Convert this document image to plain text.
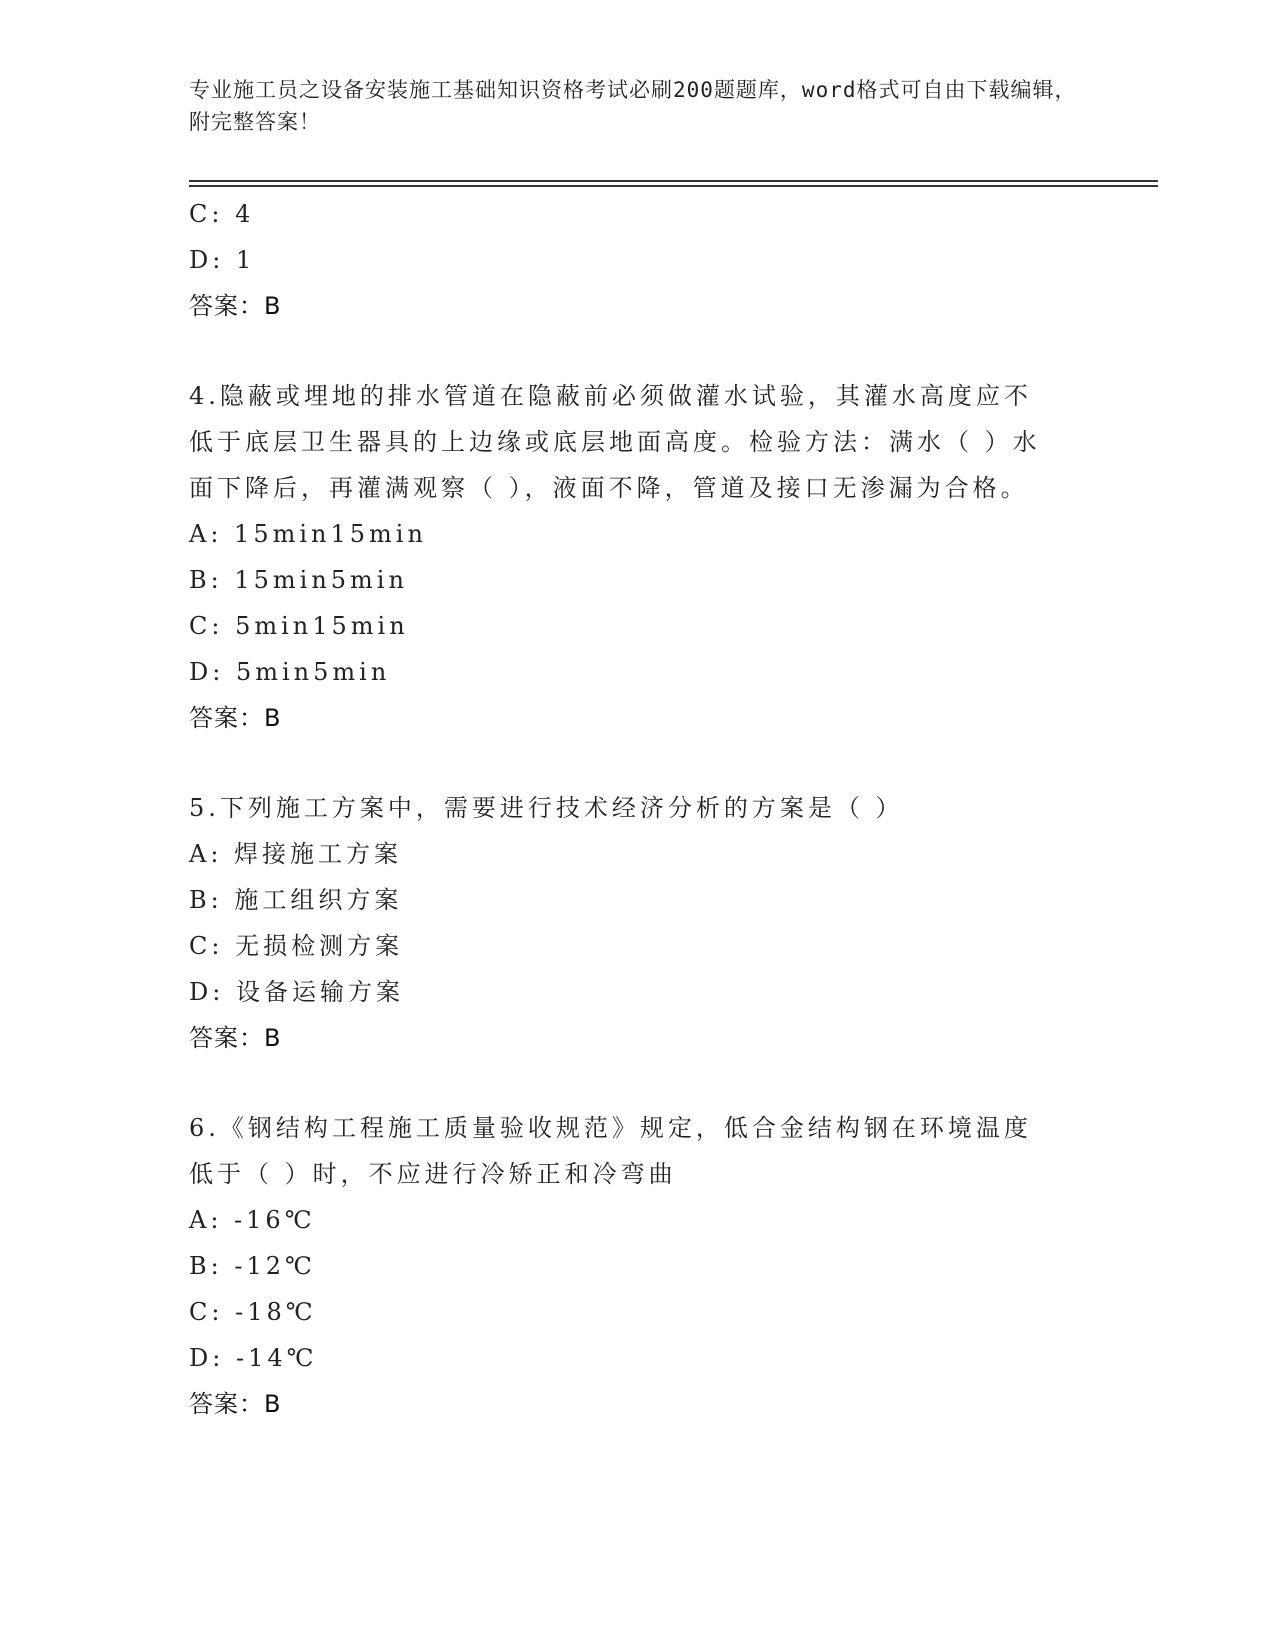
专业施工员之设备安装施工基础知识资格考试必刷200题题库，word格式可自由下载编辑，附完整答案！
C: 4
D: 1
答案：B
4.隐蔽或埋地的排水管道在隐蔽前必须做灌水试验，其灌水高度应不
低于底层卫生器具的上边缘或底层地面高度。检验方法：满水（ ）水
面下降后，再灌满观察（ ），液面不降，管道及接口无渗漏为合格。
A: 15min15min
B: 15min5min
C: 5min15min
D: 5min5min
答案：B
5.下列施工方案中，需要进行技术经济分析的方案是（ ）
A: 焊接施工方案
B: 施工组织方案
C: 无损检测方案
D: 设备运输方案
答案：B
6.《钢结构工程施工质量验收规范》规定，低合金结构钢在环境温度
低于（ ）时，不应进行冷矫正和冷弯曲
A: -16℃
B: -12℃
C: -18℃
D: -14℃
答案：B
